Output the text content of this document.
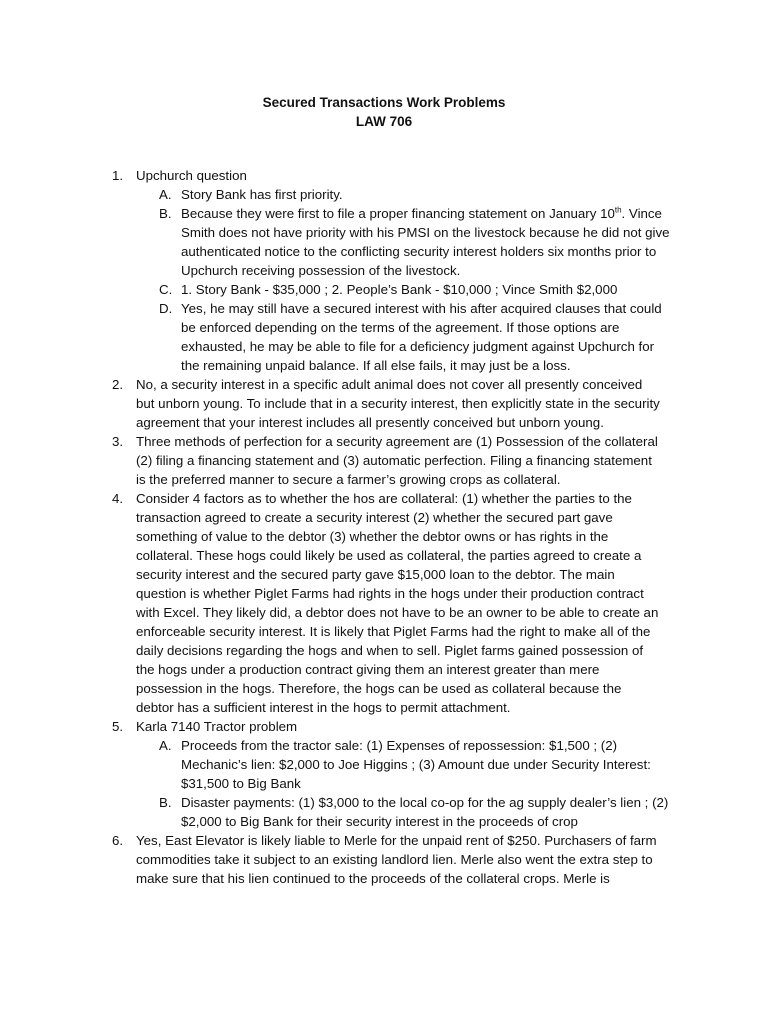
Secured Transactions Work Problems
LAW 706
1. Upchurch question
A. Story Bank has first priority.
B. Because they were first to file a proper financing statement on January 10th. Vince Smith does not have priority with his PMSI on the livestock because he did not give authenticated notice to the conflicting security interest holders six months prior to Upchurch receiving possession of the livestock.
C. 1. Story Bank - $35,000 ; 2. People’s Bank - $10,000 ; Vince Smith $2,000
D. Yes, he may still have a secured interest with his after acquired clauses that could be enforced depending on the terms of the agreement. If those options are exhausted, he may be able to file for a deficiency judgment against Upchurch for the remaining unpaid balance. If all else fails, it may just be a loss.
2. No, a security interest in a specific adult animal does not cover all presently conceived but unborn young. To include that in a security interest, then explicitly state in the security agreement that your interest includes all presently conceived but unborn young.
3. Three methods of perfection for a security agreement are (1) Possession of the collateral (2) filing a financing statement and (3) automatic perfection. Filing a financing statement is the preferred manner to secure a farmer’s growing crops as collateral.
4. Consider 4 factors as to whether the hos are collateral: (1) whether the parties to the transaction agreed to create a security interest (2) whether the secured part gave something of value to the debtor (3) whether the debtor owns or has rights in the collateral. These hogs could likely be used as collateral, the parties agreed to create a security interest and the secured party gave $15,000 loan to the debtor. The main question is whether Piglet Farms had rights in the hogs under their production contract with Excel. They likely did, a debtor does not have to be an owner to be able to create an enforceable security interest. It is likely that Piglet Farms had the right to make all of the daily decisions regarding the hogs and when to sell. Piglet farms gained possession of the hogs under a production contract giving them an interest greater than mere possession in the hogs. Therefore, the hogs can be used as collateral because the debtor has a sufficient interest in the hogs to permit attachment.
5. Karla 7140 Tractor problem
A. Proceeds from the tractor sale: (1) Expenses of repossession: $1,500 ; (2) Mechanic’s lien: $2,000 to Joe Higgins ; (3) Amount due under Security Interest: $31,500 to Big Bank
B. Disaster payments: (1) $3,000 to the local co-op for the ag supply dealer’s lien ; (2) $2,000 to Big Bank for their security interest in the proceeds of crop
6. Yes, East Elevator is likely liable to Merle for the unpaid rent of $250. Purchasers of farm commodities take it subject to an existing landlord lien. Merle also went the extra step to make sure that his lien continued to the proceeds of the collateral crops. Merle is
